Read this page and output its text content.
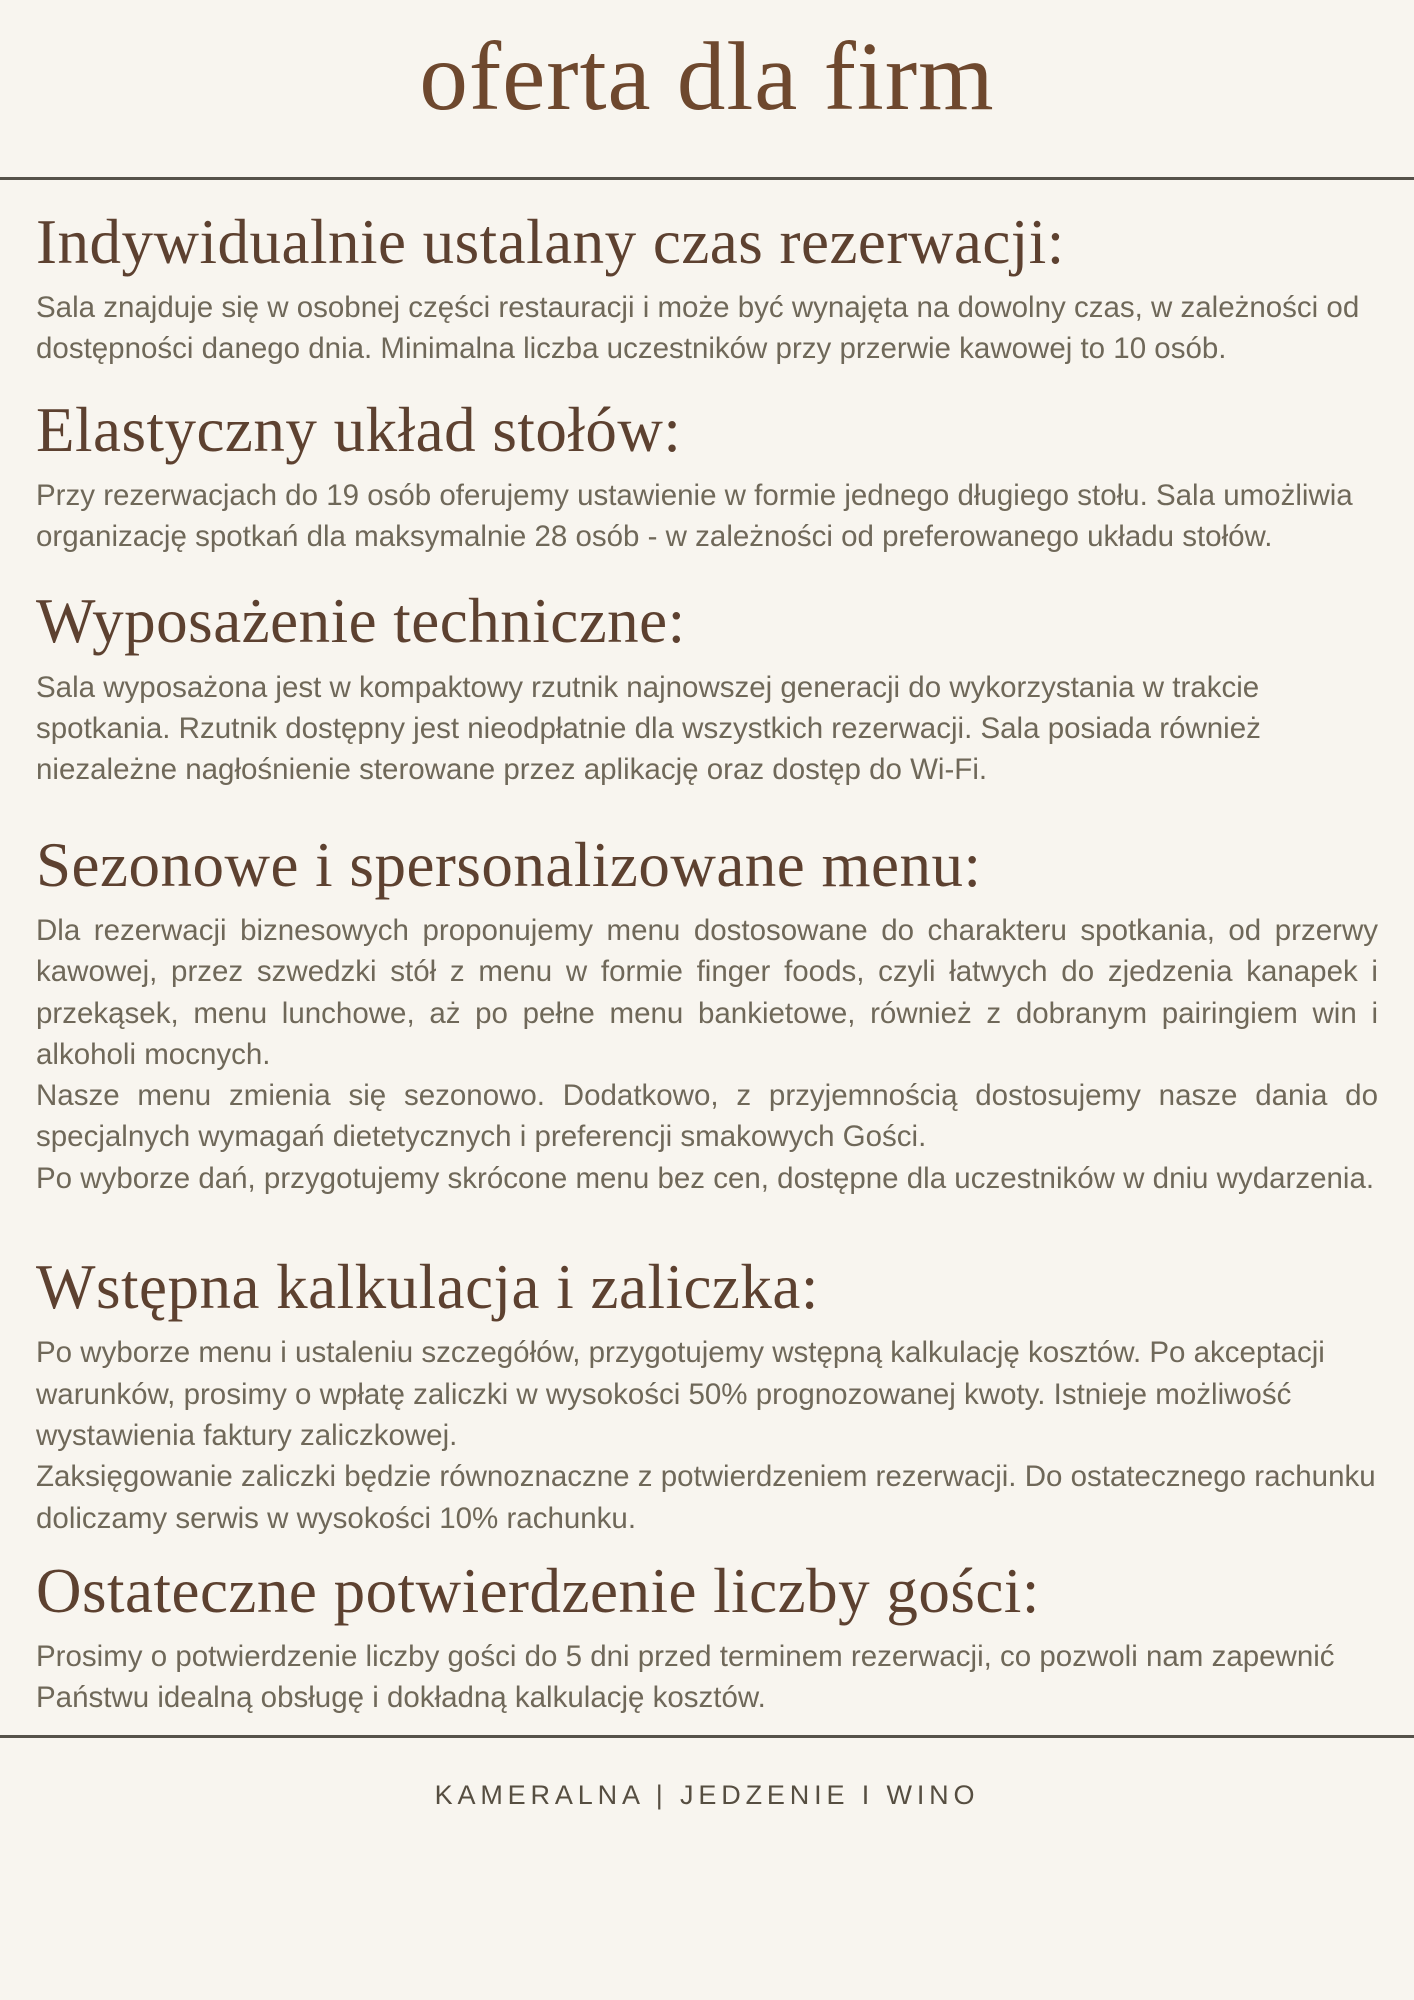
oferta dla firm
Indywidualnie ustalany czas rezerwacji:

Sala znajduje się w osobnej części restauracji i może być wynajęta na dowolny czas, w zależności od dostępności danego dnia. Minimalna liczba uczestników przy przerwie kawowej to 10 osób.

Elastyczny układ stołów:

Przy rezerwacjach do 19 osób oferujemy ustawienie w formie jednego długiego stołu. Sala umożliwia organizację spotkań dla maksymalnie 28 osób - w zależności od preferowanego układu stołów.

Wyposażenie techniczne:

Sala wyposażona jest w kompaktowy rzutnik najnowszej generacji do wykorzystania w trakcie spotkania. Rzutnik dostępny jest nieodpłatnie dla wszystkich rezerwacji. Sala posiada również niezależne nagłośnienie sterowane przez aplikację oraz dostęp do Wi-Fi.

Sezonowe i spersonalizowane menu:

Dla rezerwacji biznesowych proponujemy menu dostosowane do charakteru spotkania, od przerwy kawowej, przez szwedzki stół z menu w formie finger foods, czyli łatwych do zjedzenia kanapek i przekąsek, menu lunchowe, aż po pełne menu bankietowe, również z dobranym pairingiem win i alkoholi mocnych.

Nasze menu zmienia się sezonowo. Dodatkowo, z przyjemnością dostosujemy nasze dania do specjalnych wymagań dietetycznych i preferencji smakowych Gości.

Po wyborze dań, przygotujemy skrócone menu bez cen, dostępne dla uczestników w dniu wydarzenia.

Wstępna kalkulacja i zaliczka:

Po wyborze menu i ustaleniu szczegółów, przygotujemy wstępną kalkulację kosztów. Po akceptacji warunków, prosimy o wpłatę zaliczki w wysokości 50% prognozowanej kwoty. Istnieje możliwość wystawienia faktury zaliczkowej.

Zaksięgowanie zaliczki będzie równoznaczne z potwierdzeniem rezerwacji. Do ostatecznego rachunku doliczamy serwis w wysokości 10% rachunku.

Ostateczne potwierdzenie liczby gości:

Prosimy o potwierdzenie liczby gości do 5 dni przed terminem rezerwacji, co pozwoli nam zapewnić Państwu idealną obsługę i dokładną kalkulację kosztów.

KAMERALNA | JEDZENIE I WINO
